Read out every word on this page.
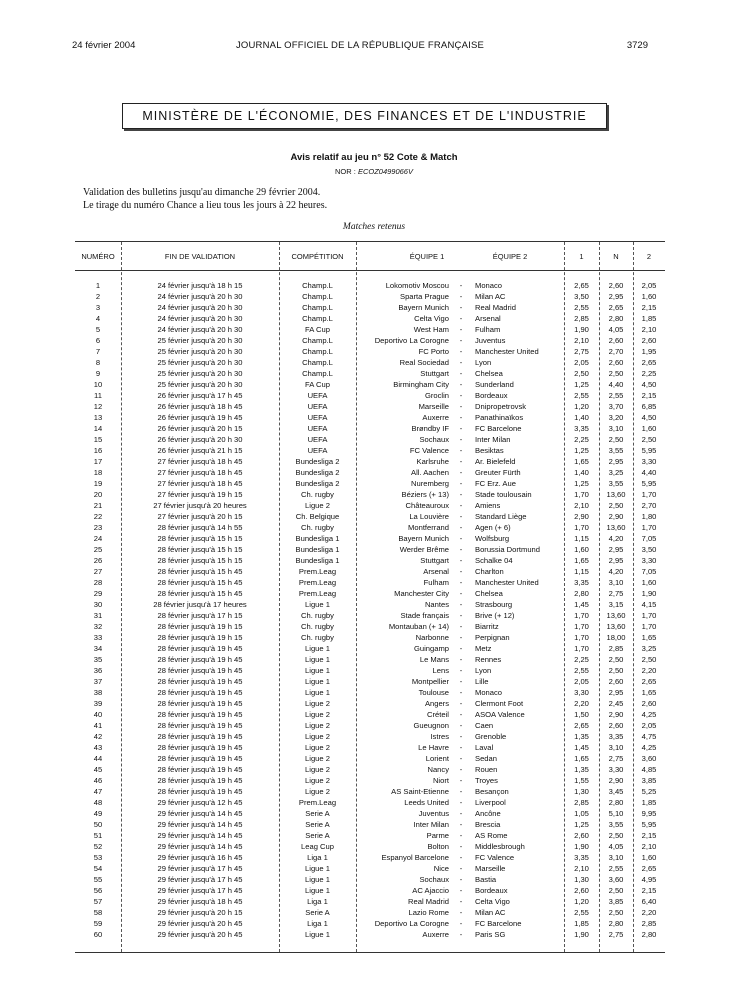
24 février 2004	JOURNAL OFFICIEL DE LA RÉPUBLIQUE FRANÇAISE	3729
MINISTÈRE DE L'ÉCONOMIE, DES FINANCES ET DE L'INDUSTRIE
Avis relatif au jeu n° 52 Cote & Match
NOR : ECOZ0499066V
Validation des bulletins jusqu'au dimanche 29 février 2004.
Le tirage du numéro Chance a lieu tous les jours à 22 heures.
Matches retenus
NUMÉRO	FIN DE VALIDATION	COMPÉTITION	ÉQUIPE 1	ÉQUIPE 2	1	N	2
1	24 février jusqu'à 18 h 15	Champ.L	Lokomotiv Moscou	-	Monaco	2,65	2,60	2,05
2	24 février jusqu'à 20 h 30	Champ.L	Sparta Prague	-	Milan AC	3,50	2,95	1,60
3	24 février jusqu'à 20 h 30	Champ.L	Bayern Munich	-	Real Madrid	2,55	2,65	2,15
4	24 février jusqu'à 20 h 30	Champ.L	Celta Vigo	-	Arsenal	2,85	2,80	1,85
5	24 février jusqu'à 20 h 30	FA Cup	West Ham	-	Fulham	1,90	4,05	2,10
6	25 février jusqu'à 20 h 30	Champ.L	Deportivo La Corogne	-	Juventus	2,10	2,60	2,60
7	25 février jusqu'à 20 h 30	Champ.L	FC Porto	-	Manchester United	2,75	2,70	1,95
8	25 février jusqu'à 20 h 30	Champ.L	Real Sociedad	-	Lyon	2,05	2,60	2,65
9	25 février jusqu'à 20 h 30	Champ.L	Stuttgart	-	Chelsea	2,50	2,50	2,25
10	25 février jusqu'à 20 h 30	FA Cup	Birmingham City	-	Sunderland	1,25	4,40	4,50
11	26 février jusqu'à 17 h 45	UEFA	Groclin	-	Bordeaux	2,55	2,55	2,15
12	26 février jusqu'à 18 h 45	UEFA	Marseille	-	Dnipropetrovsk	1,20	3,70	6,85
13	26 février jusqu'à 19 h 45	UEFA	Auxerre	-	Panathinaïkos	1,40	3,20	4,50
14	26 février jusqu'à 20 h 15	UEFA	Brøndby IF	-	FC Barcelone	3,35	3,10	1,60
15	26 février jusqu'à 20 h 30	UEFA	Sochaux	-	Inter Milan	2,25	2,50	2,50
16	26 février jusqu'à 21 h 15	UEFA	FC Valence	-	Besiktas	1,25	3,55	5,95
17	27 février jusqu'à 18 h 45	Bundesliga 2	Karlsruhe	-	Ar. Bielefeld	1,65	2,95	3,30
18	27 février jusqu'à 18 h 45	Bundesliga 2	All. Aachen	-	Greuter Fürth	1,40	3,25	4,40
19	27 février jusqu'à 18 h 45	Bundesliga 2	Nuremberg	-	FC Erz. Aue	1,25	3,55	5,95
20	27 février jusqu'à 19 h 15	Ch. rugby	Béziers (+ 13)	-	Stade toulousain	1,70	13,60	1,70
21	27 février jusqu'à 20 heures	Ligue 2	Châteauroux	-	Amiens	2,10	2,50	2,70
22	27 février jusqu'à 20 h 15	Ch. Belgique	La Louvière	-	Standard Liège	2,90	2,90	1,80
23	28 février jusqu'à 14 h 55	Ch. rugby	Montferrand	-	Agen (+ 6)	1,70	13,60	1,70
24	28 février jusqu'à 15 h 15	Bundesliga 1	Bayern Munich	-	Wolfsburg	1,15	4,20	7,05
25	28 février jusqu'à 15 h 15	Bundesliga 1	Werder Brême	-	Borussia Dortmund	1,60	2,95	3,50
26	28 février jusqu'à 15 h 15	Bundesliga 1	Stuttgart	-	Schalke 04	1,65	2,95	3,30
27	28 février jusqu'à 15 h 45	Prem.Leag	Arsenal	-	Charlton	1,15	4,20	7,05
28	28 février jusqu'à 15 h 45	Prem.Leag	Fulham	-	Manchester United	3,35	3,10	1,60
29	28 février jusqu'à 15 h 45	Prem.Leag	Manchester City	-	Chelsea	2,80	2,75	1,90
30	28 février jusqu'à 17 heures	Ligue 1	Nantes	-	Strasbourg	1,45	3,15	4,15
31	28 février jusqu'à 17 h 15	Ch. rugby	Stade français	-	Brive (+ 12)	1,70	13,60	1,70
32	28 février jusqu'à 19 h 15	Ch. rugby	Montauban (+ 14)	-	Biarritz	1,70	13,60	1,70
33	28 février jusqu'à 19 h 15	Ch. rugby	Narbonne	-	Perpignan	1,70	18,00	1,65
34	28 février jusqu'à 19 h 45	Ligue 1	Guingamp	-	Metz	1,70	2,85	3,25
35	28 février jusqu'à 19 h 45	Ligue 1	Le Mans	-	Rennes	2,25	2,50	2,50
36	28 février jusqu'à 19 h 45	Ligue 1	Lens	-	Lyon	2,55	2,50	2,20
37	28 février jusqu'à 19 h 45	Ligue 1	Montpellier	-	Lille	2,05	2,60	2,65
38	28 février jusqu'à 19 h 45	Ligue 1	Toulouse	-	Monaco	3,30	2,95	1,65
39	28 février jusqu'à 19 h 45	Ligue 2	Angers	-	Clermont Foot	2,20	2,45	2,60
40	28 février jusqu'à 19 h 45	Ligue 2	Créteil	-	ASOA Valence	1,50	2,90	4,25
41	28 février jusqu'à 19 h 45	Ligue 2	Gueugnon	-	Caen	2,65	2,60	2,05
42	28 février jusqu'à 19 h 45	Ligue 2	Istres	-	Grenoble	1,35	3,35	4,75
43	28 février jusqu'à 19 h 45	Ligue 2	Le Havre	-	Laval	1,45	3,10	4,25
44	28 février jusqu'à 19 h 45	Ligue 2	Lorient	-	Sedan	1,65	2,75	3,60
45	28 février jusqu'à 19 h 45	Ligue 2	Nancy	-	Rouen	1,35	3,30	4,85
46	28 février jusqu'à 19 h 45	Ligue 2	Niort	-	Troyes	1,55	2,90	3,85
47	28 février jusqu'à 19 h 45	Ligue 2	AS Saint-Etienne	-	Besançon	1,30	3,45	5,25
48	29 février jusqu'à 12 h 45	Prem.Leag	Leeds United	-	Liverpool	2,85	2,80	1,85
49	29 février jusqu'à 14 h 45	Serie A	Juventus	-	Ancône	1,05	5,10	9,95
50	29 février jusqu'à 14 h 45	Serie A	Inter Milan	-	Brescia	1,25	3,55	5,95
51	29 février jusqu'à 14 h 45	Serie A	Parme	-	AS Rome	2,60	2,50	2,15
52	29 février jusqu'à 14 h 45	Leag Cup	Bolton	-	Middlesbrough	1,90	4,05	2,10
53	29 février jusqu'à 16 h 45	Liga 1	Espanyol Barcelone	-	FC Valence	3,35	3,10	1,60
54	29 février jusqu'à 17 h 45	Ligue 1	Nice	-	Marseille	2,10	2,55	2,65
55	29 février jusqu'à 17 h 45	Ligue 1	Sochaux	-	Bastia	1,30	3,60	4,95
56	29 février jusqu'à 17 h 45	Ligue 1	AC Ajaccio	-	Bordeaux	2,60	2,50	2,15
57	29 février jusqu'à 18 h 45	Liga 1	Real Madrid	-	Celta Vigo	1,20	3,85	6,40
58	29 février jusqu'à 20 h 15	Serie A	Lazio Rome	-	Milan AC	2,55	2,50	2,20
59	29 février jusqu'à 20 h 45	Liga 1	Deportivo La Corogne	-	FC Barcelone	1,85	2,80	2,85
60	29 février jusqu'à 20 h 45	Ligue 1	Auxerre	-	Paris SG	1,90	2,75	2,80
